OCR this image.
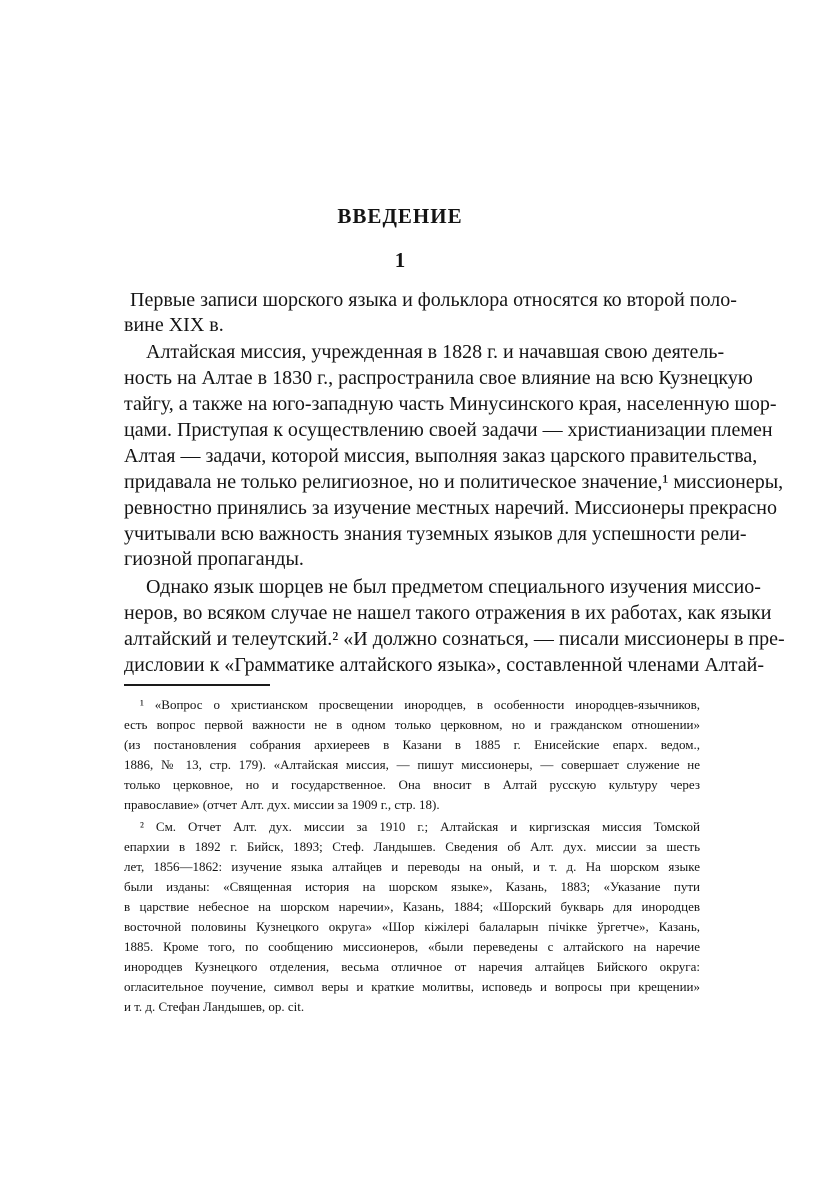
ВВЕДЕНИЕ
1
Первые записи шорского языка и фольклора относятся ко второй поло-
вине XIX в.
Алтайская миссия, учрежденная в 1828 г. и начавшая свою деятель-
ность на Алтае в 1830 г., распространила свое влияние на всю Кузнецкую
тайгу, а также на юго-западную часть Минусинского края, населенную шор-
цами. Приступая к осуществлению своей задачи — христианизации племен
Алтая — задачи, которой миссия, выполняя заказ царского правительства,
придавала не только религиозное, но и политическое значение,¹ миссионеры,
ревностно принялись за изучение местных наречий. Миссионеры прекрасно
учитывали всю важность знания туземных языков для успешности рели-
гиозной пропаганды.
Однако язык шорцев не был предметом специального изучения миссио-
неров, во всяком случае не нашел такого отражения в их работах, как языки
алтайский и телеутский.² «И должно сознаться, — писали миссионеры в пре-
дисловии к «Грамматике алтайского языка», составленной членами Алтай-
¹ «Вопрос о христианском просвещении инородцев, в особенности инородцев-язычников,
есть вопрос первой важности не в одном только церковном, но и гражданском отношении»
(из постановления собрания архиереев в Казани в 1885 г. Енисейские епарх. ведом.,
1886, № 13, стр. 179). «Алтайская миссия, — пишут миссионеры, — совершает служение не
только церковное, но и государственное. Она вносит в Алтай русскую культуру через
православие» (отчет Алт. дух. миссии за 1909 г., стр. 18).
² См. Отчет Алт. дух. миссии за 1910 г.; Алтайская и киргизская миссия Томской
епархии в 1892 г. Бийск, 1893; Стеф. Ландышев. Сведения об Алт. дух. миссии за шесть
лет, 1856—1862: изучение языка алтайцев и переводы на оный, и т. д. На шорском языке
были изданы: «Священная история на шорском языке», Казань, 1883; «Указание пути
в царствие небесное на шорском наречии», Казань, 1884; «Шорский букварь для инородцев
восточной половины Кузнецкого округа» «Шор кіжілері балаларын пічікке ўргетче», Казань,
1885. Кроме того, по сообщению миссионеров, «были переведены с алтайского на наречие
инородцев Кузнецкого отделения, весьма отличное от наречия алтайцев Бийского округа:
огласительное поучение, символ веры и краткие молитвы, исповедь и вопросы при крещении»
и т. д. Стефан Ландышев, op. cit.
